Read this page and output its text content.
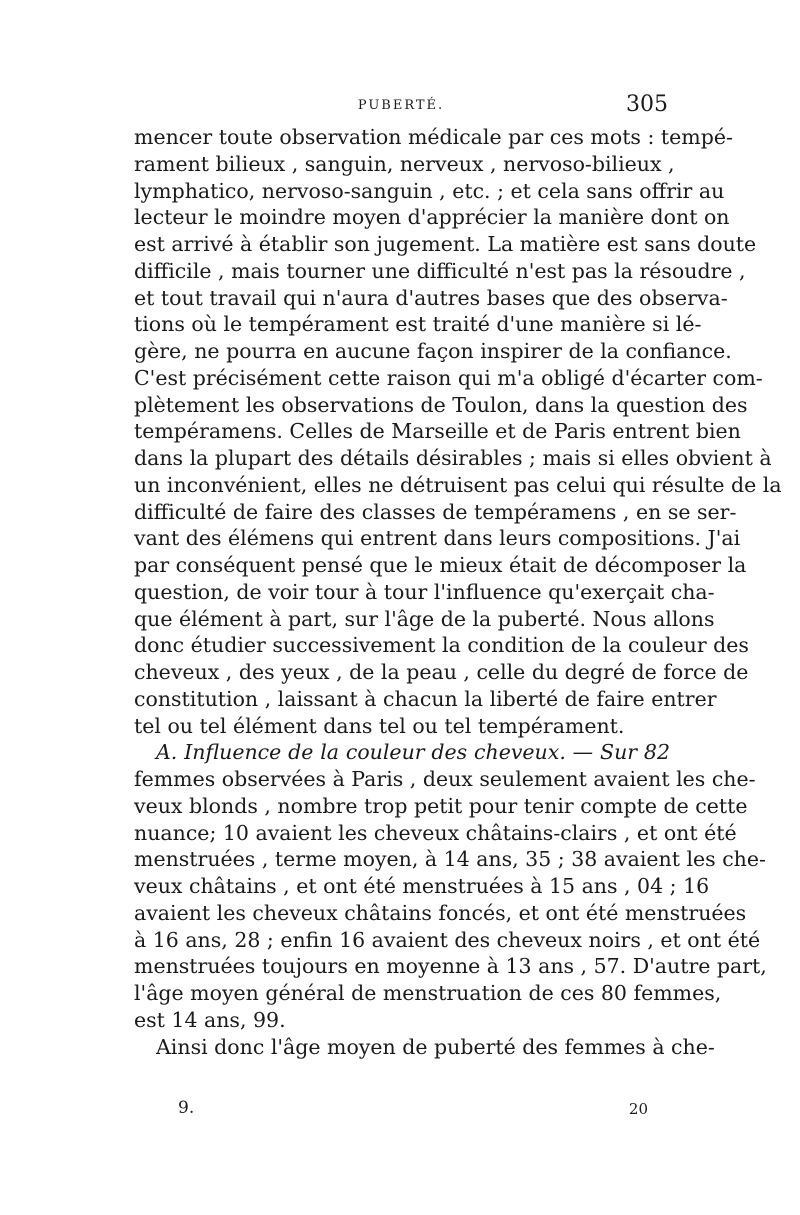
PUBERTÉ.	305
mencer toute observation médicale par ces mots : tempé-
rament bilieux , sanguin, nerveux , nervoso-bilieux ,
lymphatico, nervoso-sanguin , etc. ; et cela sans offrir au
lecteur le moindre moyen d'apprécier la manière dont on
est arrivé à établir son jugement. La matière est sans doute
difficile , mais tourner une difficulté n'est pas la résoudre ,
et tout travail qui n'aura d'autres bases que des observa-
tions où le tempérament est traité d'une manière si lé-
gère, ne pourra en aucune façon inspirer de la confiance.
C'est précisément cette raison qui m'a obligé d'écarter com-
plètement les observations de Toulon, dans la question des
tempéramens. Celles de Marseille et de Paris entrent bien
dans la plupart des détails désirables ; mais si elles obvient à
un inconvénient, elles ne détruisent pas celui qui résulte de la
difficulté de faire des classes de tempéramens , en se ser-
vant des élémens qui entrent dans leurs compositions. J'ai
par conséquent pensé que le mieux était de décomposer la
question, de voir tour à tour l'influence qu'exerçait cha-
que élément à part, sur l'âge de la puberté. Nous allons
donc étudier successivement la condition de la couleur des
cheveux , des yeux , de la peau , celle du degré de force de
constitution , laissant à chacun la liberté de faire entrer
tel ou tel élément dans tel ou tel tempérament.
A. Influence de la couleur des cheveux. — Sur 82
femmes observées à Paris , deux seulement avaient les che-
veux blonds , nombre trop petit pour tenir compte de cette
nuance; 10 avaient les cheveux châtains-clairs , et ont été
menstruées , terme moyen, à 14 ans, 35 ; 38 avaient les che-
veux châtains , et ont été menstruées à 15 ans , 04 ; 16
avaient les cheveux châtains foncés, et ont été menstruées
à 16 ans, 28 ; enfin 16 avaient des cheveux noirs , et ont été
menstruées toujours en moyenne à 13 ans , 57. D'autre part,
l'âge moyen général de menstruation de ces 80 femmes,
est 14 ans, 99.
Ainsi donc l'âge moyen de puberté des femmes à che-
9.	20
